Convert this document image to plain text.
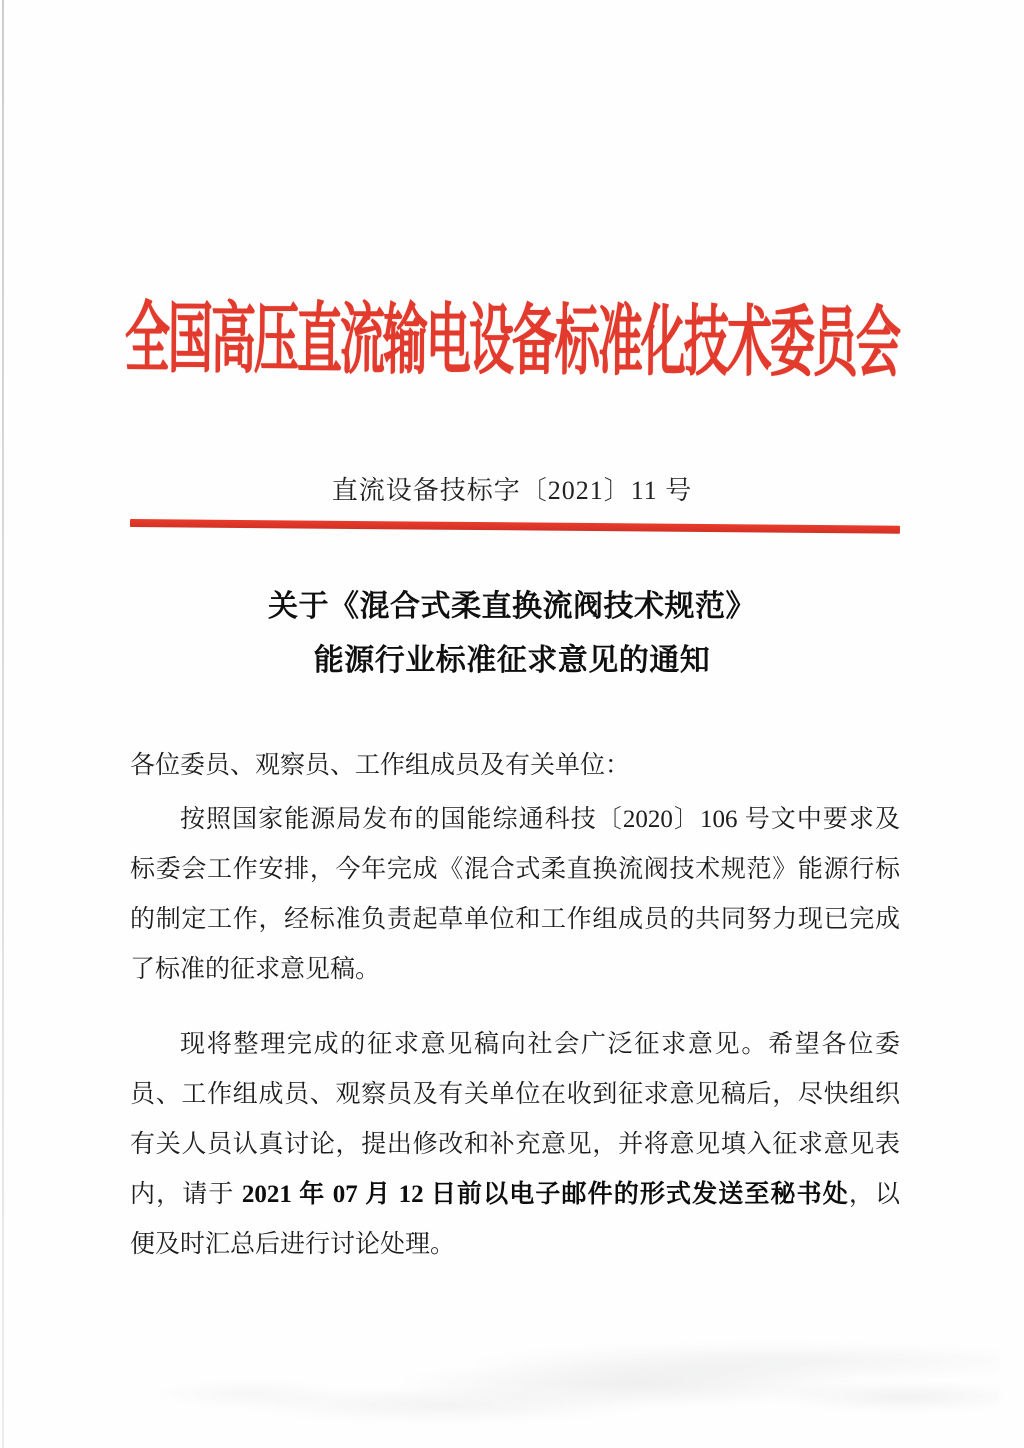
全国高压直流输电设备标准化技术委员会
直流设备技标字〔2021〕11 号
关于《混合式柔直换流阀技术规范》
能源行业标准征求意见的通知
各位委员、观察员、工作组成员及有关单位：
按照国家能源局发布的国能综通科技〔2020〕106 号文中要求及
标委会工作安排，今年完成《混合式柔直换流阀技术规范》能源行标
的制定工作，经标准负责起草单位和工作组成员的共同努力现已完成
了标准的征求意见稿。
现将整理完成的征求意见稿向社会广泛征求意见。希望各位委
员、工作组成员、观察员及有关单位在收到征求意见稿后，尽快组织
有关人员认真讨论，提出修改和补充意见，并将意见填入征求意见表
内，请于 2021 年 07 月 12 日前以电子邮件的形式发送至秘书处，以
便及时汇总后进行讨论处理。
